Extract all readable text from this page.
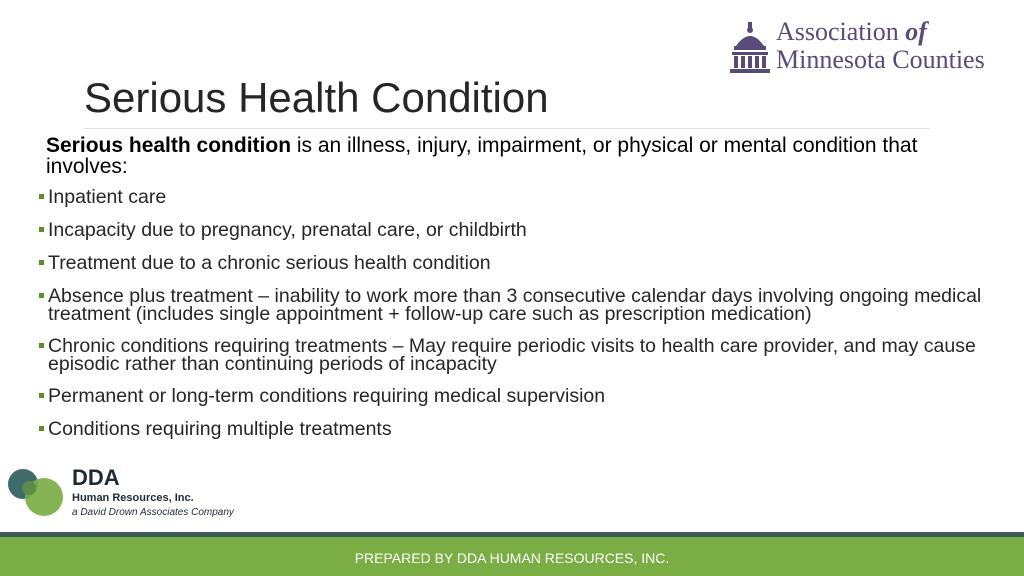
Association of
Minnesota Counties
Serious Health Condition
Serious health condition is an illness, injury, impairment, or physical or mental condition that involves:
Inpatient care
Incapacity due to pregnancy, prenatal care, or childbirth
Treatment due to a chronic serious health condition
Absence plus treatment – inability to work more than 3 consecutive calendar days involving ongoing medical treatment (includes single appointment + follow-up care such as prescription medication)
Chronic conditions requiring treatments – May require periodic visits to health care provider, and may cause episodic rather than continuing periods of incapacity
Permanent or long-term conditions requiring medical supervision
Conditions requiring multiple treatments
DDA
Human Resources, Inc.
a David Drown Associates Company
PREPARED BY DDA HUMAN RESOURCES, INC.
